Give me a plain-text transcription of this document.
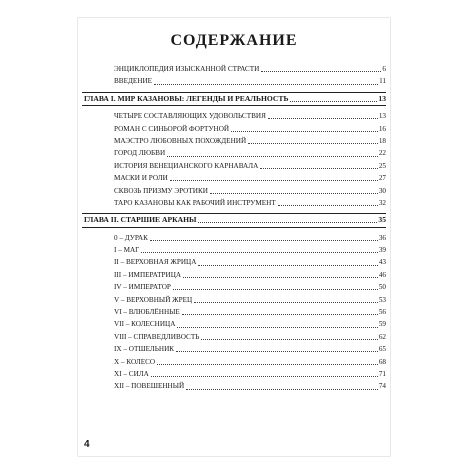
СОДЕРЖАНИЕ
ЭНЦИКЛОПЕДИЯ ИЗЫСКАННОЙ СТРАСТИ	6
ВВЕДЕНИЕ	11
ГЛАВА I. МИР КАЗАНОВЫ: ЛЕГЕНДЫ И РЕАЛЬНОСТЬ	13
ЧЕТЫРЕ СОСТАВЛЯЮЩИХ УДОВОЛЬСТВИЯ	13
РОМАН С СИНЬОРОЙ ФОРТУНОЙ	16
МАЭСТРО ЛЮБОВНЫХ ПОХОЖДЕНИЙ	18
ГОРОД ЛЮБВИ	22
ИСТОРИЯ ВЕНЕЦИАНСКОГО КАРНАВАЛА	25
МАСКИ И РОЛИ	27
СКВОЗЬ ПРИЗМУ ЭРОТИКИ	30
ТАРО КАЗАНОВЫ КАК РАБОЧИЙ ИНСТРУМЕНТ	32
ГЛАВА II. СТАРШИЕ АРКАНЫ	35
0 – ДУРАК	36
I – МАГ	39
II – ВЕРХОВНАЯ ЖРИЦА	43
III – ИМПЕРАТРИЦА	46
IV – ИМПЕРАТОР	50
V – ВЕРХОВНЫЙ ЖРЕЦ	53
VI – ВЛЮБЛЁННЫЕ	56
VII – КОЛЕСНИЦА	59
VIII – СПРАВЕДЛИВОСТЬ	62
IX – ОТШЕЛЬНИК	65
X – КОЛЕСО	68
XI – СИЛА	71
XII – ПОВЕШЕННЫЙ	74
4
